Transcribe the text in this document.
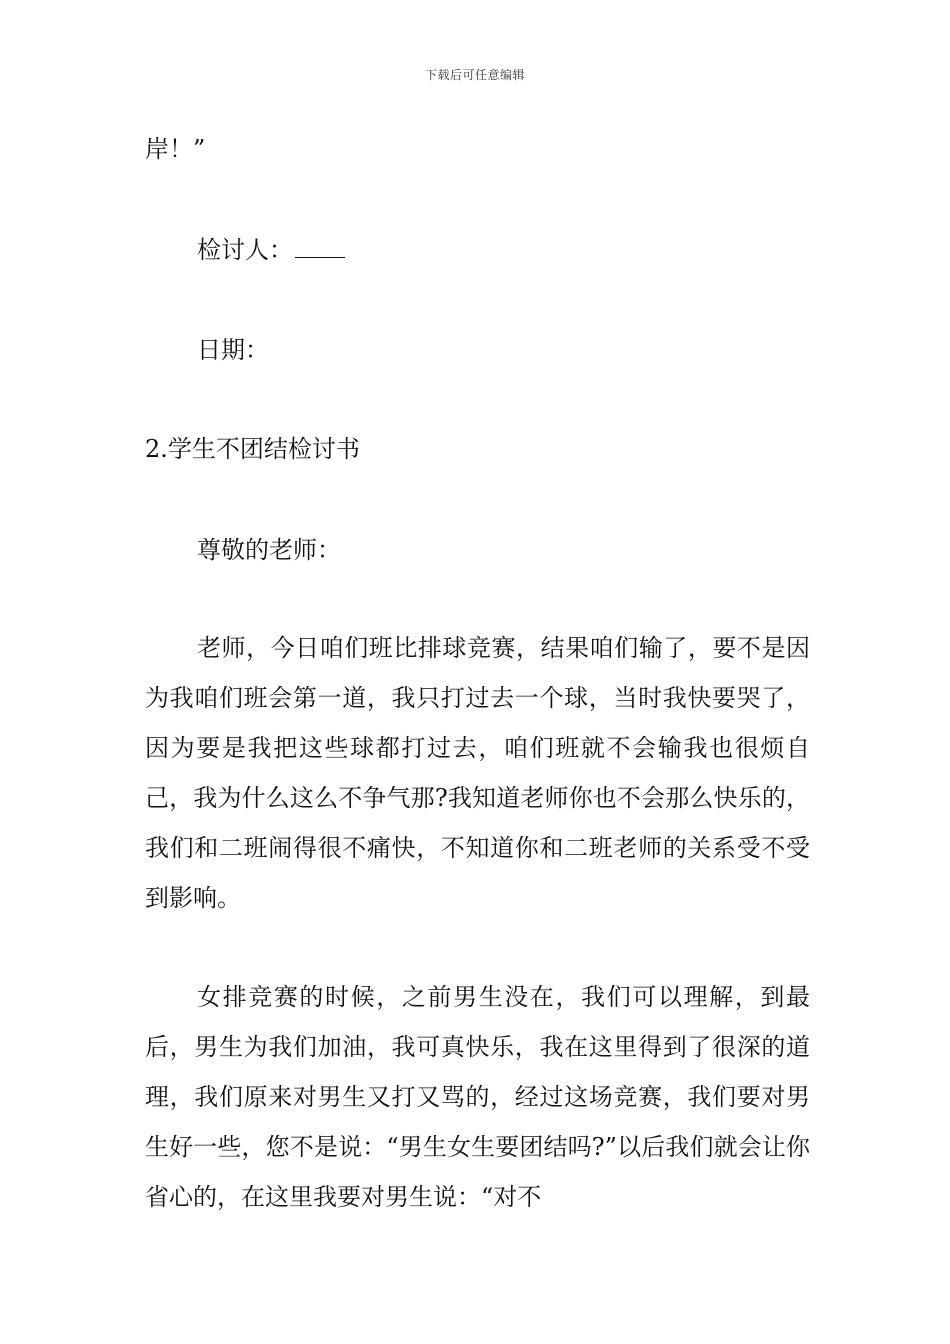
下载后可任意编辑
岸！”
检讨人：
日期：
2.学生不团结检讨书
尊敬的老师：
老师，今日咱们班比排球竞赛，结果咱们输了，要不是因为我咱们班会第一道，我只打过去一个球，当时我快要哭了，因为要是我把这些球都打过去，咱们班就不会输我也很烦自己，我为什么这么不争气那?我知道老师你也不会那么快乐的，我们和二班闹得很不痛快，不知道你和二班老师的关系受不受到影响。
女排竞赛的时候，之前男生没在，我们可以理解，到最后，男生为我们加油，我可真快乐，我在这里得到了很深的道理，我们原来对男生又打又骂的，经过这场竞赛，我们要对男生好一些，您不是说：“男生女生要团结吗?”以后我们就会让你省心的，在这里我要对男生说：“对不
